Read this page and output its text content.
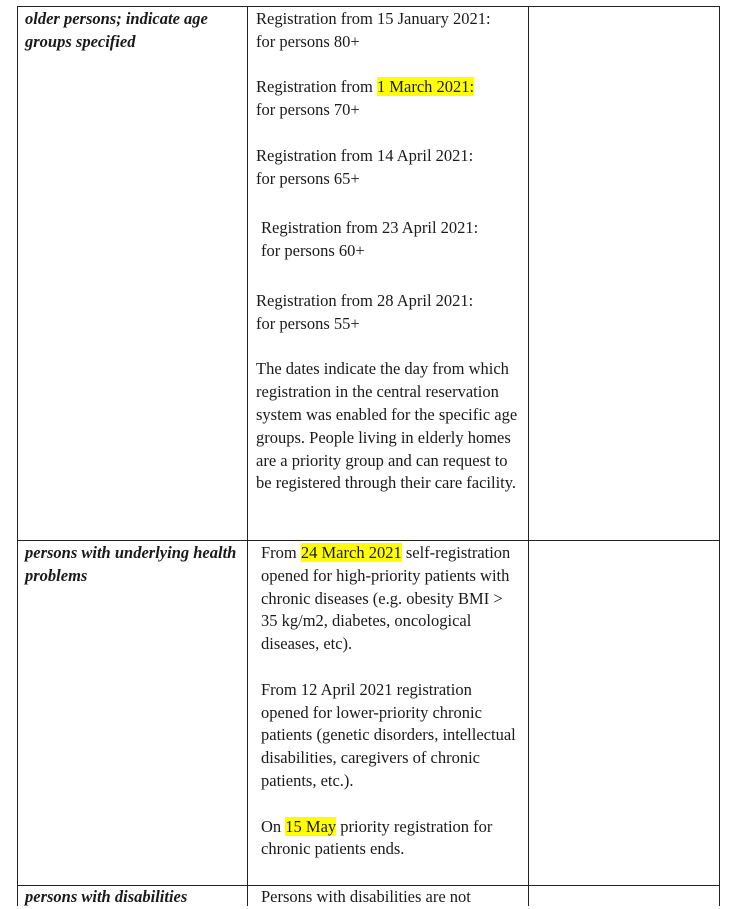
older persons; indicate age groups specified

Registration from 15 January 2021:
for persons 80+

Registration from 1 March 2021:
for persons 70+

Registration from 14 April 2021:
for persons 65+

Registration from 23 April 2021:
for persons 60+

Registration from 28 April 2021:
for persons 55+

The dates indicate the day from which registration in the central reservation system was enabled for the specific age groups. People living in elderly homes are a priority group and can request to be registered through their care facility.

persons with underlying health problems

From 24 March 2021 self-registration opened for high-priority patients with chronic diseases (e.g. obesity BMI > 35 kg/m2, diabetes, oncological diseases, etc).

From 12 April 2021 registration opened for lower-priority chronic patients (genetic disorders, intellectual disabilities, caregivers of chronic patients, etc.).

On 15 May priority registration for chronic patients ends.

persons with disabilities	Persons with disabilities are not
